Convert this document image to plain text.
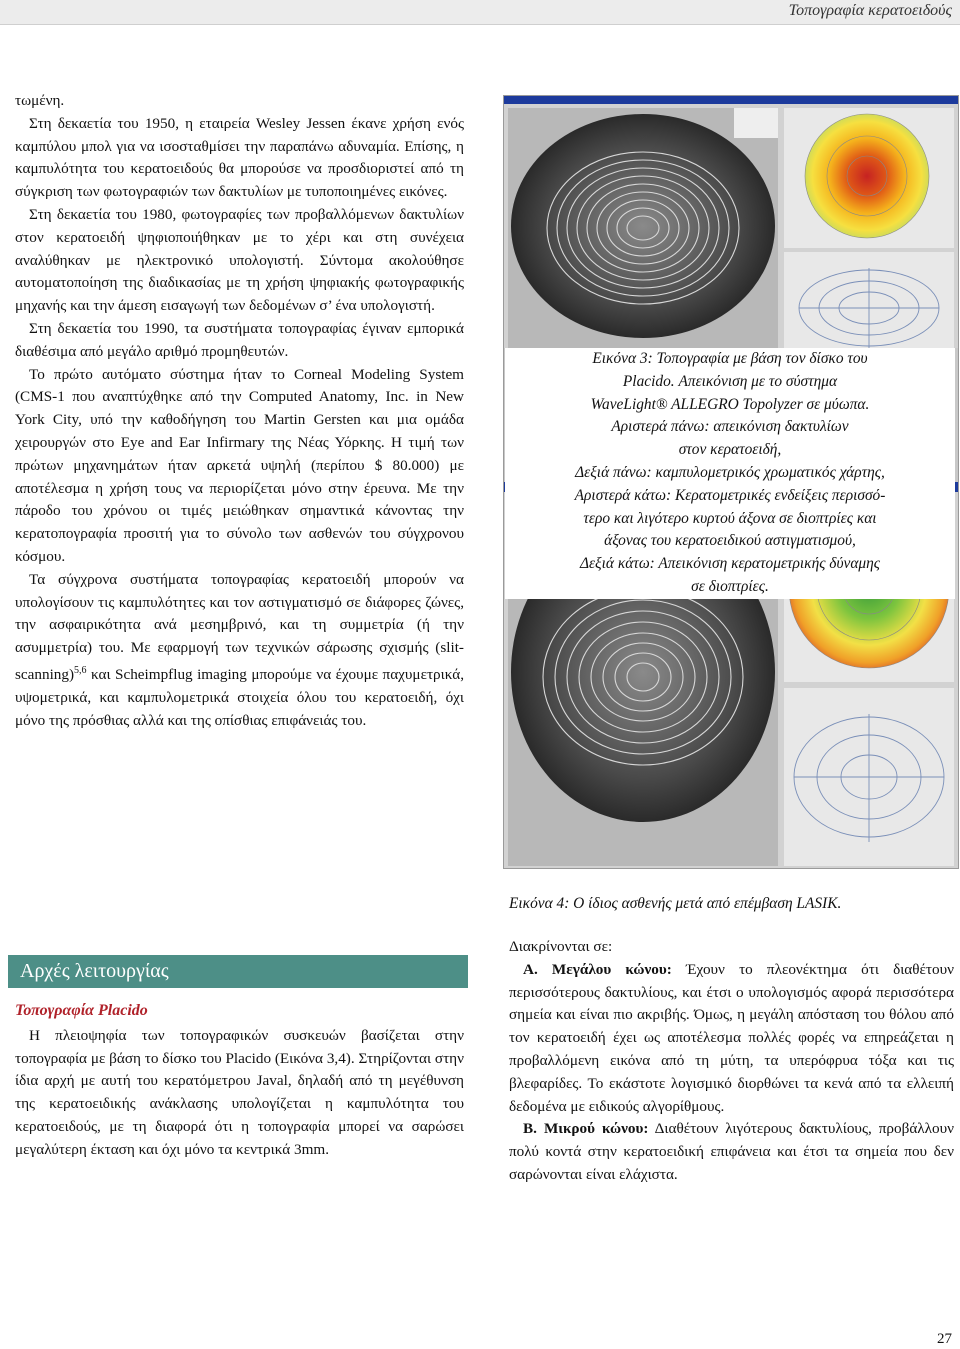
Τοπογραφία κερατοειδούς

τωμένη.

Στη δεκαετία του 1950, η εταιρεία Wesley Jessen έκανε χρήση ενός καμπύλου μπολ για να ισοσταθμίσει την παραπάνω αδυναμία. Επίσης, η καμπυλότητα του κερατοειδούς θα μπορούσε να προσδιοριστεί από τη σύγκριση των φωτογραφιών των δακτυλίων με τυποποιημένες εικόνες.

Στη δεκαετία του 1980, φωτογραφίες των προβαλλόμενων δακτυλίων στον κερατοειδή ψηφιοποιήθηκαν με το χέρι και στη συνέχεια αναλύθηκαν με ηλεκτρονικό υπολογιστή. Σύντομα ακολούθησε αυτοματοποίηση της διαδικασίας με τη χρήση ψηφιακής φωτογραφικής μηχανής και την άμεση εισαγωγή των δεδομένων σ’ ένα υπολογιστή.

Στη δεκαετία του 1990, τα συστήματα τοπογραφίας έγιναν εμπορικά διαθέσιμα από μεγάλο αριθμό προμηθευτών.

Το πρώτο αυτόματο σύστημα ήταν το Corneal Modeling System (CMS-1 που αναπτύχθηκε από την Computed Anatomy, Inc. in New York City, υπό την καθοδήγηση του Martin Gersten και μια ομάδα χειρουργών στο Eye and Ear Infirmary της Νέας Υόρκης. Η τιμή των πρώτων μηχανημάτων ήταν αρκετά υψηλή (περίπου $ 80.000) με αποτέλεσμα η χρήση τους να περιορίζεται μόνο στην έρευνα. Με την πάροδο του χρόνου οι τιμές μειώθηκαν σημαντικά κάνοντας την κερατοπογραφία προσιτή για το σύνολο των ασθενών του σύγχρονου κόσμου.

Τα σύγχρονα συστήματα τοπογραφίας κερατοειδή μπορούν να υπολογίσουν τις καμπυλότητες και τον αστιγματισμό σε διάφορες ζώνες, την ασφαιρικότητα ανά μεσημβρινό, και τη συμμετρία (ή την ασυμμετρία) του. Με εφαρμογή των τεχνικών σάρωσης σχισμής (slit-scanning)$^{5,6}$ και Scheimpflug imaging μπορούμε να έχουμε παχυμετρικά, υψομετρικά, και καμπυλομετρικά στοιχεία όλου του κερατοειδή, όχι μόνο της πρόσθιας αλλά και της οπίσθιας επιφάνειάς του.

Αρχές λειτουργίας

Τοπογραφία Placido

Η πλειοψηφία των τοπογραφικών συσκευών βασίζεται στην τοπογραφία με βάση το δίσκο του Placido (Εικόνα 3,4). Στηρίζονται στην ίδια αρχή με αυτή του κερατόμετρου Javal, δηλαδή από τη μεγέθυνση της κερατοειδικής ανάκλασης υπολογίζεται η καμπυλότητα του κερατοειδούς, με τη διαφορά ότι η τοπογραφία μπορεί να σαρώσει μεγαλύτερη έκταση και όχι μόνο τα κεντρικά 3mm.

Εικόνα 3: Τοπογραφία με βάση τον δίσκο του
Placido. Απεικόνιση με το σύστημα
WaveLight® ALLEGRO Topolyzer σε μύωπα.
Αριστερά πάνω: απεικόνιση δακτυλίων
στον κερατοειδή,
Δεξιά πάνω: καμπυλομετρικός χρωματικός χάρτης,
Αριστερά κάτω: Κερατομετρικές ενδείξεις περισσό-
τερο και λιγότερο κυρτού άξονα σε διοπτρίες και
άξονας του κερατοειδικού αστιγματισμού,
Δεξιά κάτω: Απεικόνιση κερατομετρικής δύναμης
σε διοπτρίες.
Εικόνα 4: Ο ίδιος ασθενής μετά από επέμβαση LASIK.

Διακρίνονται σε:

Α. Μεγάλου κώνου: Έχουν το πλεονέκτημα ότι διαθέτουν περισσότερους δακτυλίους, και έτσι ο υπολογισμός αφορά περισσότερα σημεία και είναι πιο ακριβής. Όμως, η μεγάλη απόσταση του θόλου από τον κερατοειδή έχει ως αποτέλεσμα πολλές φορές να επηρεάζεται η προβαλλόμενη εικόνα από τη μύτη, τα υπερόφρυα τόξα και τις βλεφαρίδες. Το εκάστοτε λογισμικό διορθώνει τα κενά από τα ελλειπή δεδομένα με ειδικούς αλγορίθμους.

Β. Μικρού κώνου: Διαθέτουν λιγότερους δακτυλίους, προβάλλουν πολύ κοντά στην κερατοειδική επιφάνεια και έτσι τα σημεία που δεν σαρώνονται είναι ελάχιστα.

27
